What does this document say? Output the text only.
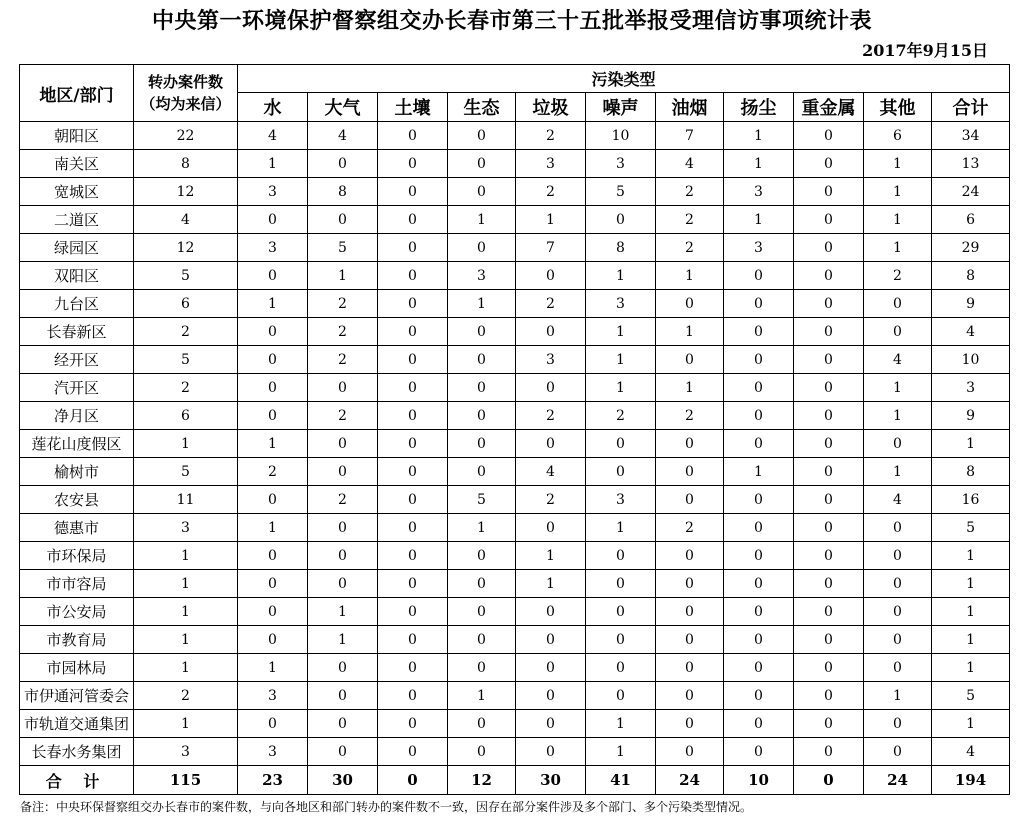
中央第一环境保护督察组交办长春市第三十五批举报受理信访事项统计表
2017年9月15日
地区/部门	转办案件数
（均为来信）	污染类型										
		水	大气	土壤	生态	垃圾	噪声	油烟	扬尘	重金属	其他	合计
朝阳区	22	4	4	0	0	2	10	7	1	0	6	34
南关区	8	1	0	0	0	3	3	4	1	0	1	13
宽城区	12	3	8	0	0	2	5	2	3	0	1	24
二道区	4	0	0	0	1	1	0	2	1	0	1	6
绿园区	12	3	5	0	0	7	8	2	3	0	1	29
双阳区	5	0	1	0	3	0	1	1	0	0	2	8
九台区	6	1	2	0	1	2	3	0	0	0	0	9
长春新区	2	0	2	0	0	0	1	1	0	0	0	4
经开区	5	0	2	0	0	3	1	0	0	0	4	10
汽开区	2	0	0	0	0	0	1	1	0	0	1	3
净月区	6	0	2	0	0	2	2	2	0	0	1	9
莲花山度假区	1	1	0	0	0	0	0	0	0	0	0	1
榆树市	5	2	0	0	0	4	0	0	1	0	1	8
农安县	11	0	2	0	5	2	3	0	0	0	4	16
德惠市	3	1	0	0	1	0	1	2	0	0	0	5
市环保局	1	0	0	0	0	1	0	0	0	0	0	1
市市容局	1	0	0	0	0	1	0	0	0	0	0	1
市公安局	1	0	1	0	0	0	0	0	0	0	0	1
市教育局	1	0	1	0	0	0	0	0	0	0	0	1
市园林局	1	1	0	0	0	0	0	0	0	0	0	1
市伊通河管委会	2	3	0	0	1	0	0	0	0	0	1	5
市轨道交通集团	1	0	0	0	0	0	1	0	0	0	0	1
长春水务集团	3	3	0	0	0	0	1	0	0	0	0	4
合 计	115	23	30	0	12	30	41	24	10	0	24	194
备注：中央环保督察组交办长春市的案件数，与向各地区和部门转办的案件数不一致，因存在部分案件涉及多个部门、多个污染类型情况。
